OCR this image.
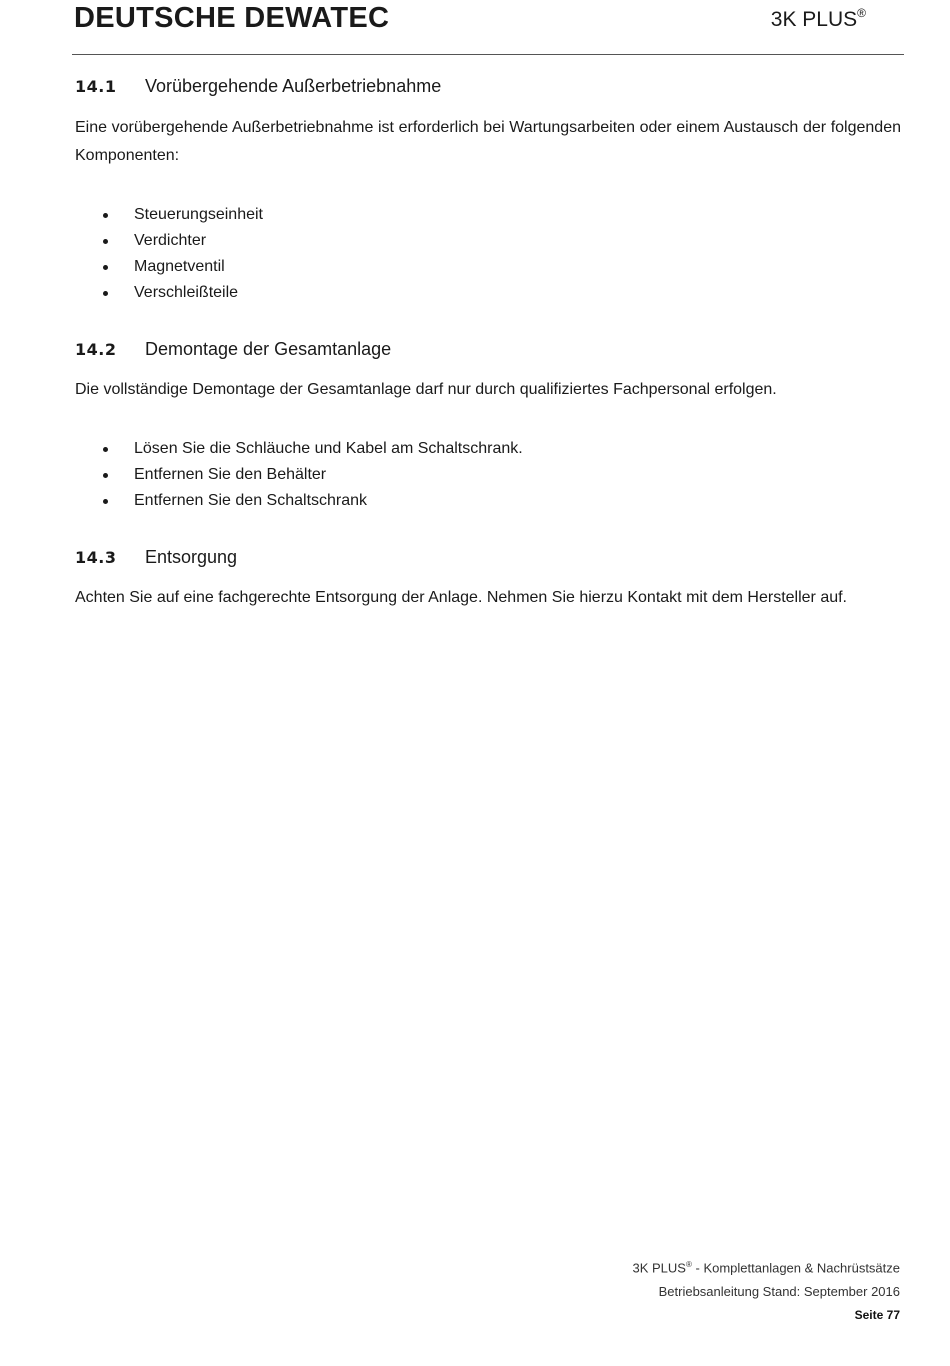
DEUTSCHE DEWATEC	3K PLUS®
14.1 Vorübergehende Außerbetriebnahme
Eine vorübergehende Außerbetriebnahme ist erforderlich bei Wartungsarbeiten oder einem Austausch der folgenden Komponenten:
Steuerungseinheit
Verdichter
Magnetventil
Verschleißteile
14.2 Demontage der Gesamtanlage
Die vollständige Demontage der Gesamtanlage darf nur durch qualifiziertes Fachpersonal erfolgen.
Lösen Sie die Schläuche und Kabel am Schaltschrank.
Entfernen Sie den Behälter
Entfernen Sie den Schaltschrank
14.3 Entsorgung
Achten Sie auf eine fachgerechte Entsorgung der Anlage. Nehmen Sie hierzu Kontakt mit dem Hersteller auf.
3K PLUS® - Komplettanlagen & Nachrüstsätze
Betriebsanleitung Stand: September 2016
Seite 77
